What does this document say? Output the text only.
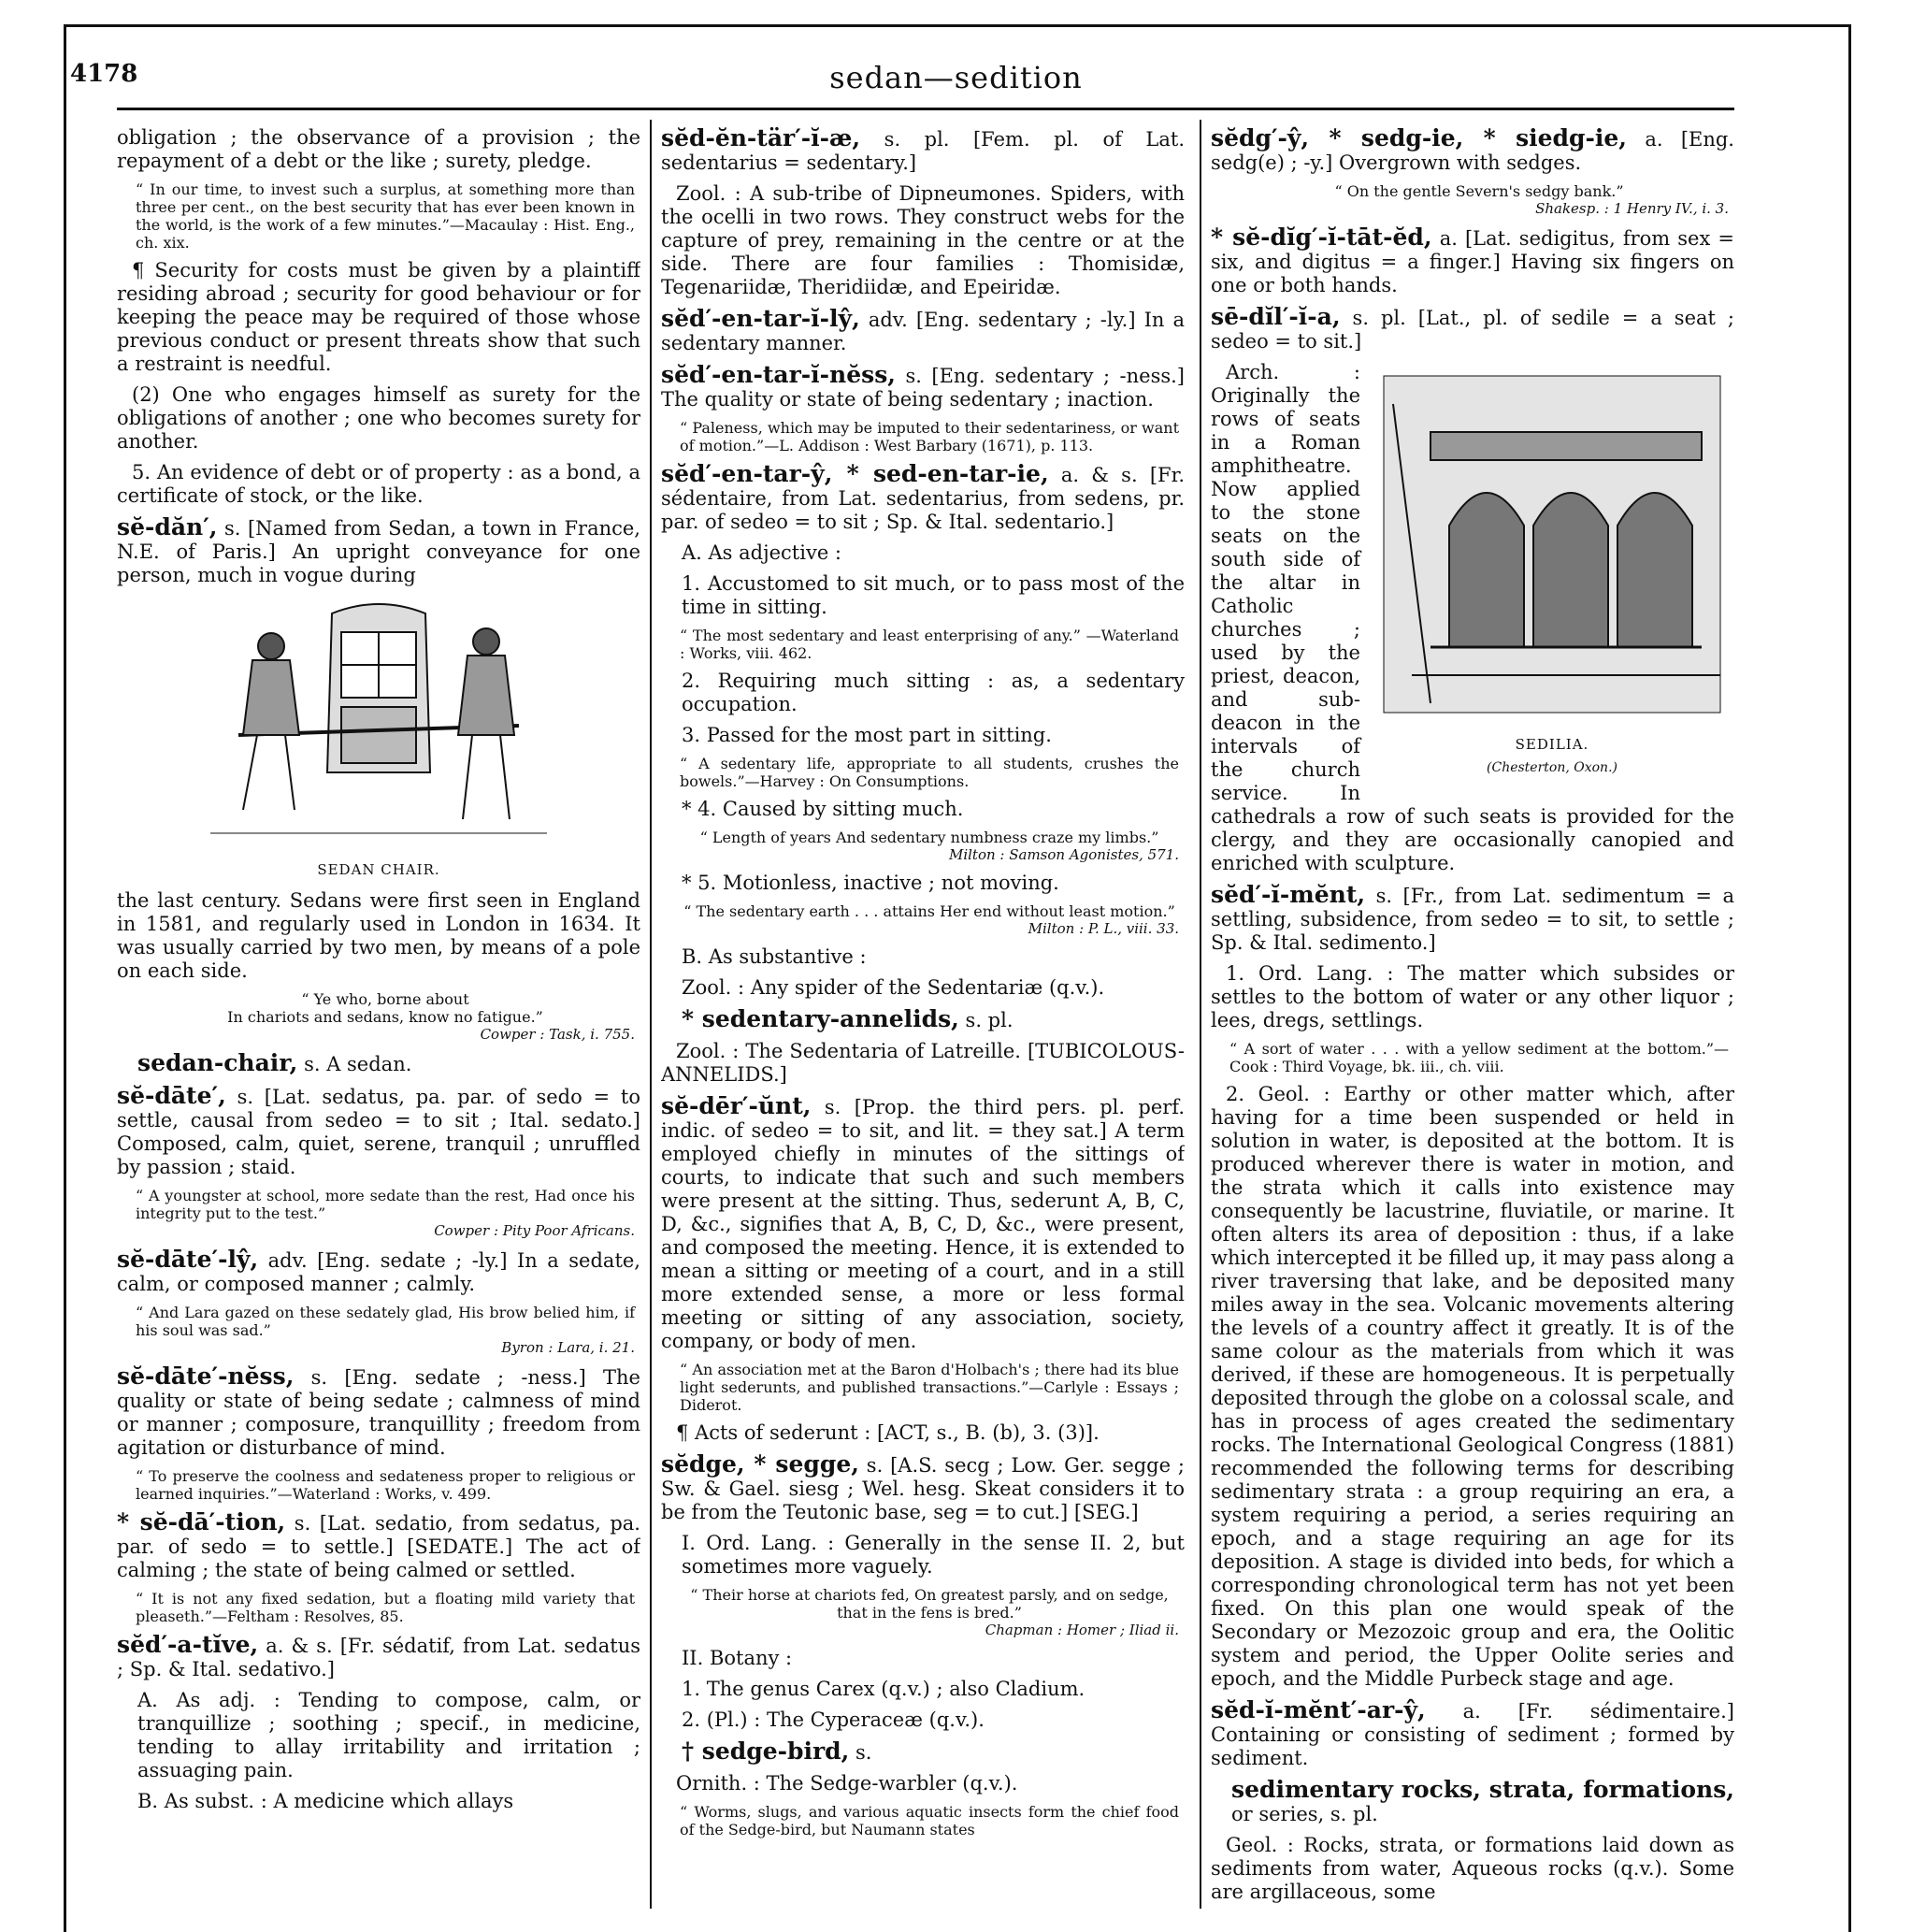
4178	sedan—sedition

obligation ; the observance of a provision ; the repayment of a debt or the like ; surety, pledge.

“ In our time, to invest such a surplus, at something more than three per cent., on the best security that has ever been known in the world, is the work of a few minutes.”—Macaulay : Hist. Eng., ch. xix.

¶ Security for costs must be given by a plaintiff residing abroad ; security for good behaviour or for keeping the peace may be required of those whose previous conduct or present threats show that such a restraint is needful.

(2) One who engages himself as surety for the obligations of another ; one who becomes surety for another.

5. An evidence of debt or of property : as a bond, a certificate of stock, or the like.

sĕ-dăn′, s. [Named from Sedan, a town in France, N.E. of Paris.] An upright conveyance for one person, much in vogue during

SEDAN CHAIR.

the last century. Sedans were first seen in England in 1581, and regularly used in London in 1634. It was usually carried by two men, by means of a pole on each side.

“ Ye who, borne about
In chariots and sedans, know no fatigue.”
Cowper : Task, i. 755.

sedan-chair, s. A sedan.

sĕ-dāte′, s. [Lat. sedatus, pa. par. of sedo = to settle, causal from sedeo = to sit ; Ital. sedato.] Composed, calm, quiet, serene, tranquil ; unruffled by passion ; staid.

“ A youngster at school, more sedate than the rest, Had once his integrity put to the test.”
Cowper : Pity Poor Africans.

sĕ-dāte′-lŷ, adv. [Eng. sedate ; -ly.] In a sedate, calm, or composed manner ; calmly.

“ And Lara gazed on these sedately glad, His brow belied him, if his soul was sad.”
Byron : Lara, i. 21.

sĕ-dāte′-nĕss, s. [Eng. sedate ; -ness.] The quality or state of being sedate ; calmness of mind or manner ; composure, tranquillity ; freedom from agitation or disturbance of mind.

“ To preserve the coolness and sedateness proper to religious or learned inquiries.”—Waterland : Works, v. 499.

* sĕ-dā′-tion, s. [Lat. sedatio, from sedatus, pa. par. of sedo = to settle.] [SEDATE.] The act of calming ; the state of being calmed or settled.

“ It is not any fixed sedation, but a floating mild variety that pleaseth.”—Feltham : Resolves, 85.

sĕd′-a-tĭve, a. & s. [Fr. sédatif, from Lat. sedatus ; Sp. & Ital. sedativo.]

A. As adj. : Tending to compose, calm, or tranquillize ; soothing ; specif., in medicine, tending to allay irritability and irritation ; assuaging pain.

B. As subst. : A medicine which allays

sĕd-ĕn-tär′-ĭ-æ, s. pl. [Fem. pl. of Lat. sedentarius = sedentary.]

Zool. : A sub-tribe of Dipneumones. Spiders, with the ocelli in two rows. They construct webs for the capture of prey, remaining in the centre or at the side. There are four families : Thomisidæ, Tegenariidæ, Theridiidæ, and Epeiridæ.

sĕd′-en-tar-ĭ-lŷ, adv. [Eng. sedentary ; -ly.] In a sedentary manner.

sĕd′-en-tar-ĭ-nĕss, s. [Eng. sedentary ; -ness.] The quality or state of being sedentary ; inaction.

“ Paleness, which may be imputed to their sedentariness, or want of motion.”—L. Addison : West Barbary (1671), p. 113.

sĕd′-en-tar-ŷ, * sed-en-tar-ie, a. & s. [Fr. sédentaire, from Lat. sedentarius, from sedens, pr. par. of sedeo = to sit ; Sp. & Ital. sedentario.]

A. As adjective :

1. Accustomed to sit much, or to pass most of the time in sitting.

“ The most sedentary and least enterprising of any.” —Waterland : Works, viii. 462.

2. Requiring much sitting : as, a sedentary occupation.

3. Passed for the most part in sitting.

“ A sedentary life, appropriate to all students, crushes the bowels.”—Harvey : On Consumptions.

* 4. Caused by sitting much.

“ Length of years And sedentary numbness craze my limbs.”
Milton : Samson Agonistes, 571.

* 5. Motionless, inactive ; not moving.

“ The sedentary earth . . . attains Her end without least motion.”
Milton : P. L., viii. 33.

B. As substantive :

Zool. : Any spider of the Sedentariæ (q.v.).

* sedentary-annelids, s. pl.

Zool. : The Sedentaria of Latreille. [TUBICOLOUS-ANNELIDS.]

sĕ-dēr′-ŭnt, s. [Prop. the third pers. pl. perf. indic. of sedeo = to sit, and lit. = they sat.] A term employed chiefly in minutes of the sittings of courts, to indicate that such and such members were present at the sitting. Thus, sederunt A, B, C, D, &c., signifies that A, B, C, D, &c., were present, and composed the meeting. Hence, it is extended to mean a sitting or meeting of a court, and in a still more extended sense, a more or less formal meeting or sitting of any association, society, company, or body of men.

“ An association met at the Baron d'Holbach's ; there had its blue light sederunts, and published transactions.”—Carlyle : Essays ; Diderot.

¶ Acts of sederunt : [ACT, s., B. (b), 3. (3)].

sĕdge, * segge, s. [A.S. secg ; Low. Ger. segge ; Sw. & Gael. siesg ; Wel. hesg. Skeat considers it to be from the Teutonic base, seg = to cut.] [SEG.]

I. Ord. Lang. : Generally in the sense II. 2, but sometimes more vaguely.

“ Their horse at chariots fed, On greatest parsly, and on sedge, that in the fens is bred.”
Chapman : Homer ; Iliad ii.

II. Botany :

1. The genus Carex (q.v.) ; also Cladium.

2. (Pl.) : The Cyperaceæ (q.v.).

† sedge-bird, s.

Ornith. : The Sedge-warbler (q.v.).

“ Worms, slugs, and various aquatic insects form the chief food of the Sedge-bird, but Naumann states

sĕdg′-ŷ, * sedg-ie, * siedg-ie, a. [Eng. sedg(e) ; -y.] Overgrown with sedges.

“ On the gentle Severn's sedgy bank.”
Shakesp. : 1 Henry IV., i. 3.

* sĕ-dĭg′-ĭ-tāt-ĕd, a. [Lat. sedigitus, from sex = six, and digitus = a finger.] Having six fingers on one or both hands.

sē-dĭl′-ĭ-a, s. pl. [Lat., pl. of sedile = a seat ; sedeo = to sit.]

SEDILIA.
(Chesterton, Oxon.)

Arch. : Originally the rows of seats in a Roman amphitheatre. Now applied to the stone seats on the south side of the altar in Catholic churches ; used by the priest, deacon, and sub-deacon in the intervals of the church service. In cathedrals a row of such seats is provided for the clergy, and they are occasionally canopied and enriched with sculpture.

sĕd′-ĭ-mĕnt, s. [Fr., from Lat. sedimentum = a settling, subsidence, from sedeo = to sit, to settle ; Sp. & Ital. sedimento.]

1. Ord. Lang. : The matter which subsides or settles to the bottom of water or any other liquor ; lees, dregs, settlings.

“ A sort of water . . . with a yellow sediment at the bottom.”—Cook : Third Voyage, bk. iii., ch. viii.

2. Geol. : Earthy or other matter which, after having for a time been suspended or held in solution in water, is deposited at the bottom. It is produced wherever there is water in motion, and the strata which it calls into existence may consequently be lacustrine, fluviatile, or marine. It often alters its area of deposition : thus, if a lake which intercepted it be filled up, it may pass along a river traversing that lake, and be deposited many miles away in the sea. Volcanic movements altering the levels of a country affect it greatly. It is of the same colour as the materials from which it was derived, if these are homogeneous. It is perpetually deposited through the globe on a colossal scale, and has in process of ages created the sedimentary rocks. The International Geological Congress (1881) recommended the following terms for describing sedimentary strata : a group requiring an era, a system requiring a period, a series requiring an epoch, and a stage requiring an age for its deposition. A stage is divided into beds, for which a corresponding chronological term has not yet been fixed. On this plan one would speak of the Secondary or Mezozoic group and era, the Oolitic system and period, the Upper Oolite series and epoch, and the Middle Purbeck stage and age.

sĕd-ĭ-mĕnt′-ar-ŷ, a. [Fr. sédimentaire.] Containing or consisting of sediment ; formed by sediment.

sedimentary rocks, strata, formations, or series, s. pl.

Geol. : Rocks, strata, or formations laid down as sediments from water, Aqueous rocks (q.v.). Some are argillaceous, some
